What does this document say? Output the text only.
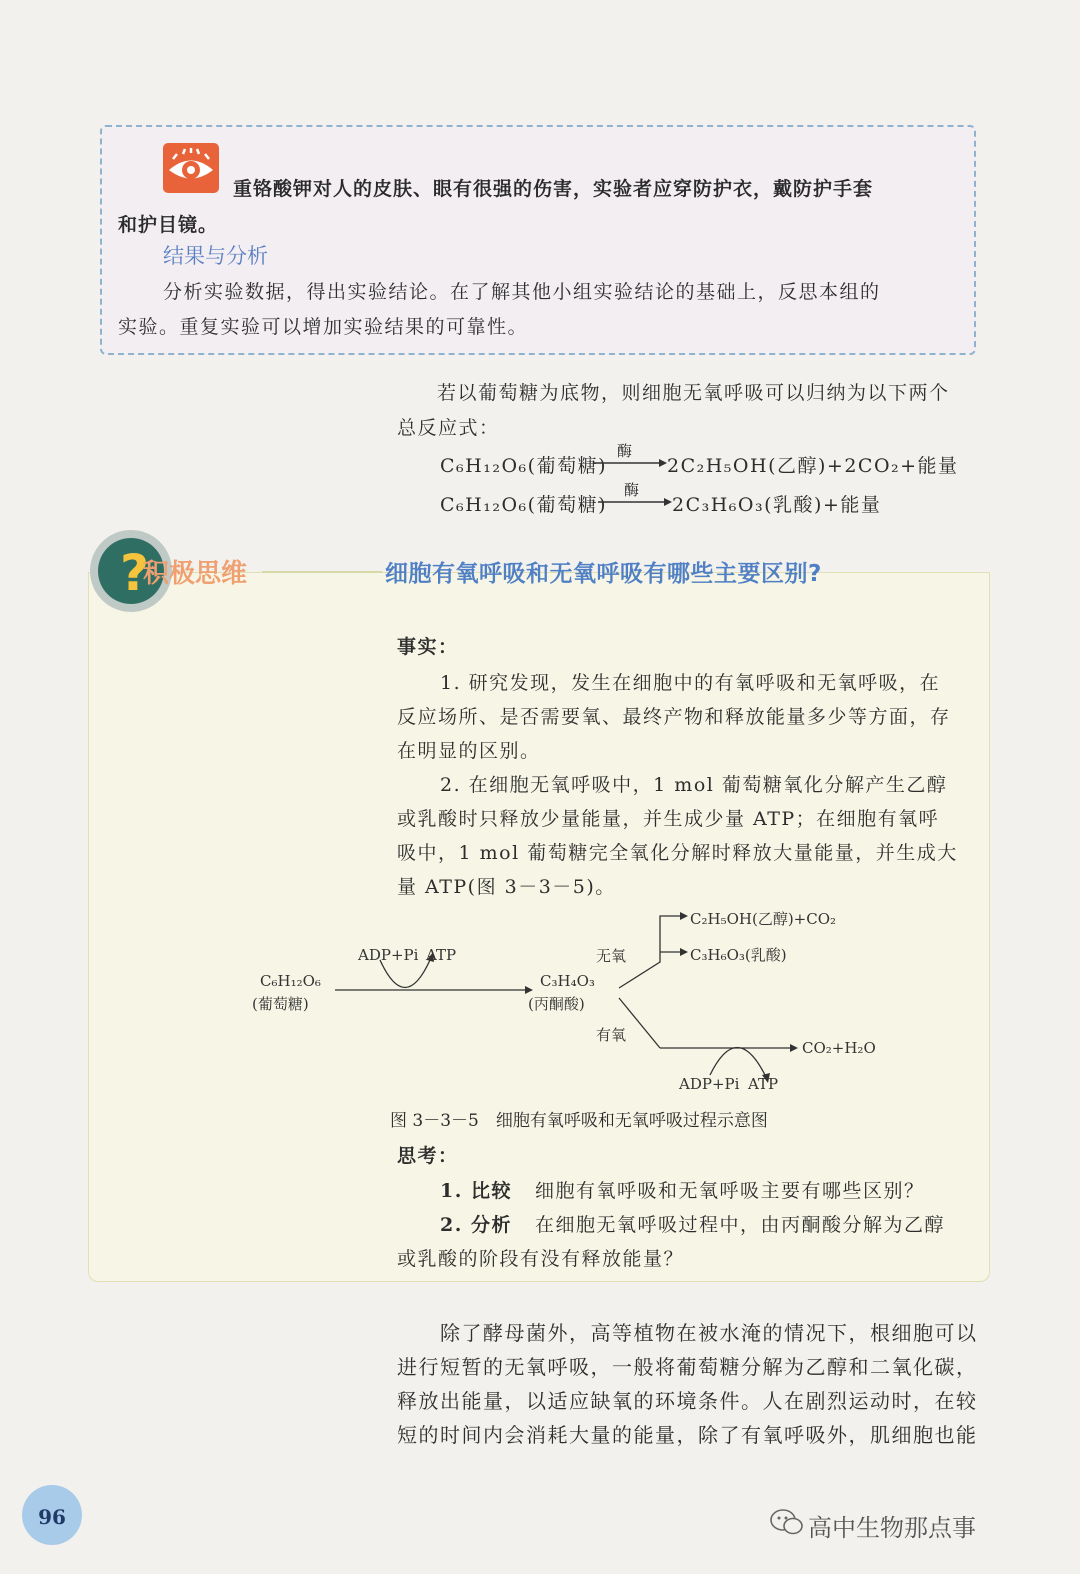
重铬酸钾对人的皮肤、眼有很强的伤害，实验者应穿防护衣，戴防护手套
和护目镜。
结果与分析
分析实验数据，得出实验结论。在了解其他小组实验结论的基础上，反思本组的
实验。重复实验可以增加实验结果的可靠性。
若以葡萄糖为底物，则细胞无氧呼吸可以归纳为以下两个
总反应式：
C₆H₁₂O₆(葡萄糖)
酶
2C₂H₅OH(乙醇)+2CO₂+能量
C₆H₁₂O₆(葡萄糖)
酶
2C₃H₆O₃(乳酸)+能量
?
积极思维	细胞有氧呼吸和无氧呼吸有哪些主要区别?
事实：
1. 研究发现，发生在细胞中的有氧呼吸和无氧呼吸，在
反应场所、是否需要氧、最终产物和释放能量多少等方面，存
在明显的区别。
2. 在细胞无氧呼吸中，1 mol 葡萄糖氧化分解产生乙醇
或乳酸时只释放少量能量，并生成少量 ATP；在细胞有氧呼
吸中，1 mol 葡萄糖完全氧化分解时释放大量能量，并生成大
量 ATP(图 3－3－5)。
C₆H₁₂O₆
(葡萄糖)
ADP+Pi ATP
C₃H₄O₃
(丙酮酸)
无氧
有氧
C₂H₅OH(乙醇)+CO₂
C₃H₆O₃(乳酸)
CO₂+H₂O
ADP+Pi ATP
图 3－3－5　细胞有氧呼吸和无氧呼吸过程示意图
思考：
1. 比较 细胞有氧呼吸和无氧呼吸主要有哪些区别？
2. 分析 在细胞无氧呼吸过程中，由丙酮酸分解为乙醇
或乳酸的阶段有没有释放能量？
除了酵母菌外，高等植物在被水淹的情况下，根细胞可以
进行短暂的无氧呼吸，一般将葡萄糖分解为乙醇和二氧化碳，
释放出能量，以适应缺氧的环境条件。人在剧烈运动时，在较
短的时间内会消耗大量的能量，除了有氧呼吸外，肌细胞也能
96	高中生物那点事
